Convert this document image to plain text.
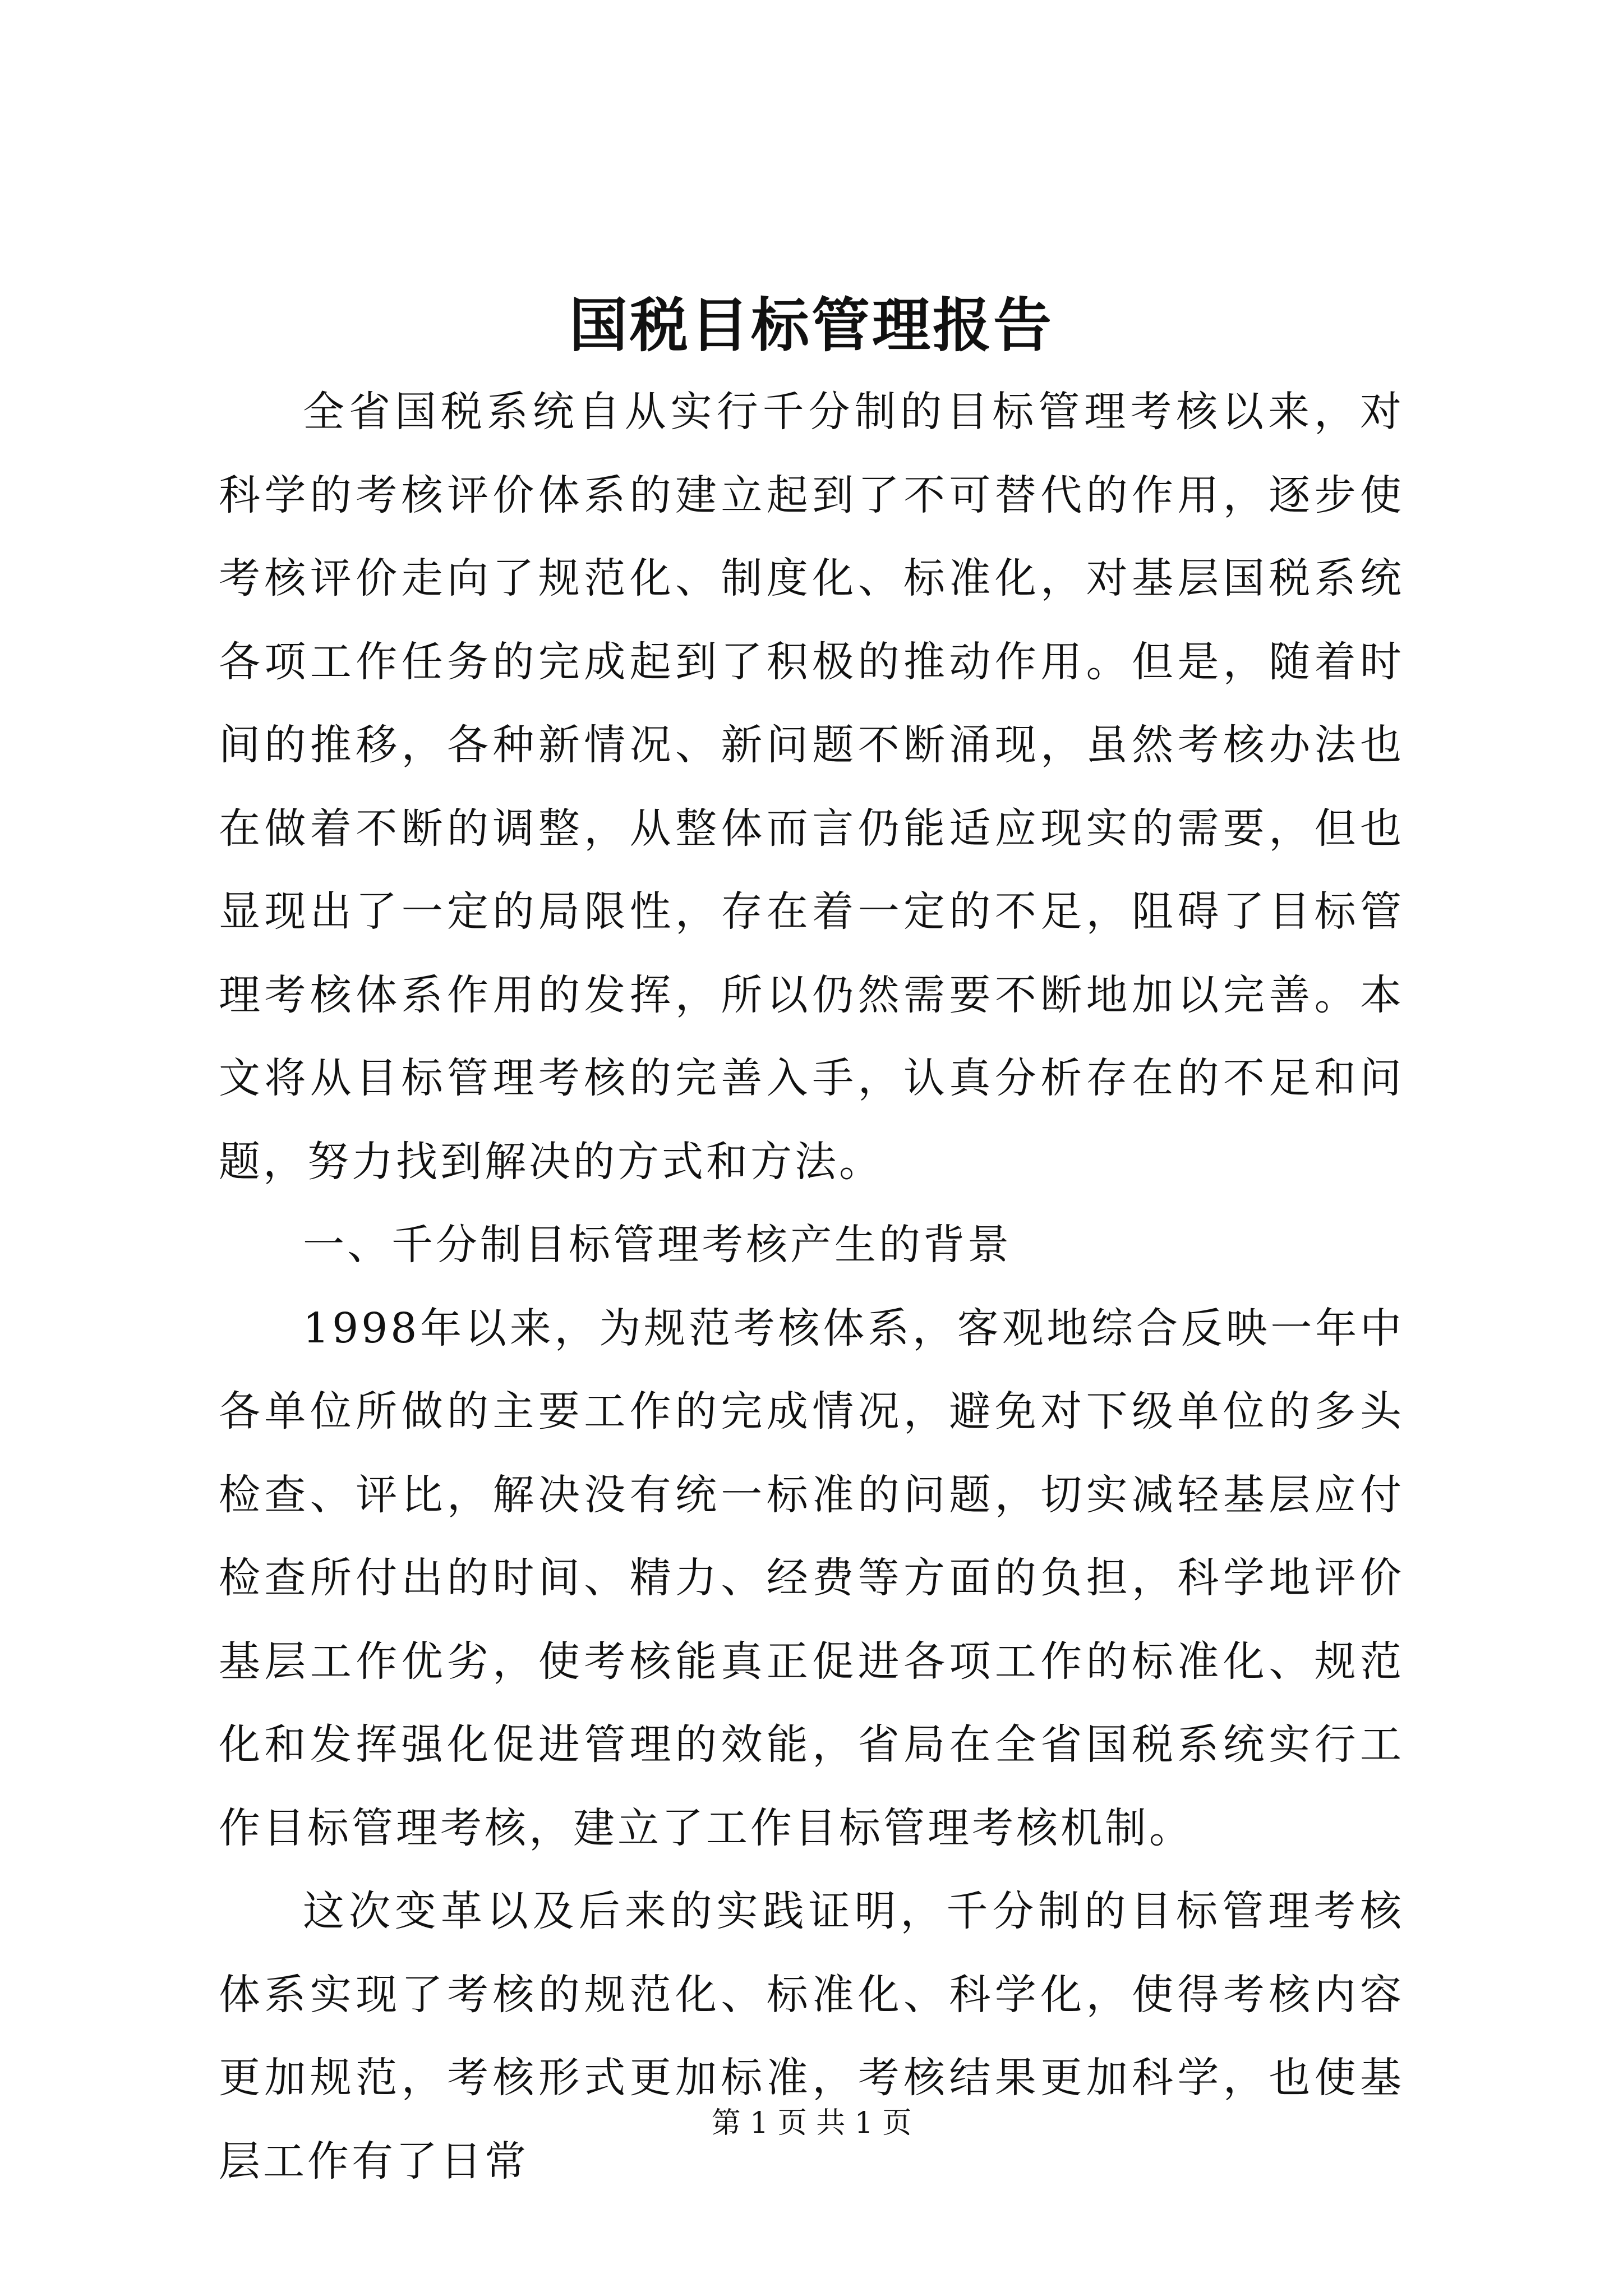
国税目标管理报告

全省国税系统自从实行千分制的目标管理考核以来，对科学的考核评价体系的建立起到了不可替代的作用，逐步使考核评价走向了规范化、制度化、标准化，对基层国税系统各项工作任务的完成起到了积极的推动作用。但是，随着时间的推移，各种新情况、新问题不断涌现，虽然考核办法也在做着不断的调整，从整体而言仍能适应现实的需要，但也显现出了一定的局限性，存在着一定的不足，阻碍了目标管理考核体系作用的发挥，所以仍然需要不断地加以完善。本文将从目标管理考核的完善入手，认真分析存在的不足和问题，努力找到解决的方式和方法。

一、千分制目标管理考核产生的背景

1998年以来，为规范考核体系，客观地综合反映一年中各单位所做的主要工作的完成情况，避免对下级单位的多头检查、评比，解决没有统一标准的问题，切实减轻基层应付检查所付出的时间、精力、经费等方面的负担，科学地评价基层工作优劣，使考核能真正促进各项工作的标准化、规范化和发挥强化促进管理的效能，省局在全省国税系统实行工作目标管理考核，建立了工作目标管理考核机制。

这次变革以及后来的实践证明，千分制的目标管理考核体系实现了考核的规范化、标准化、科学化，使得考核内容更加规范，考核形式更加标准，考核结果更加科学，也使基层工作有了日常

第 1 页 共 1 页
